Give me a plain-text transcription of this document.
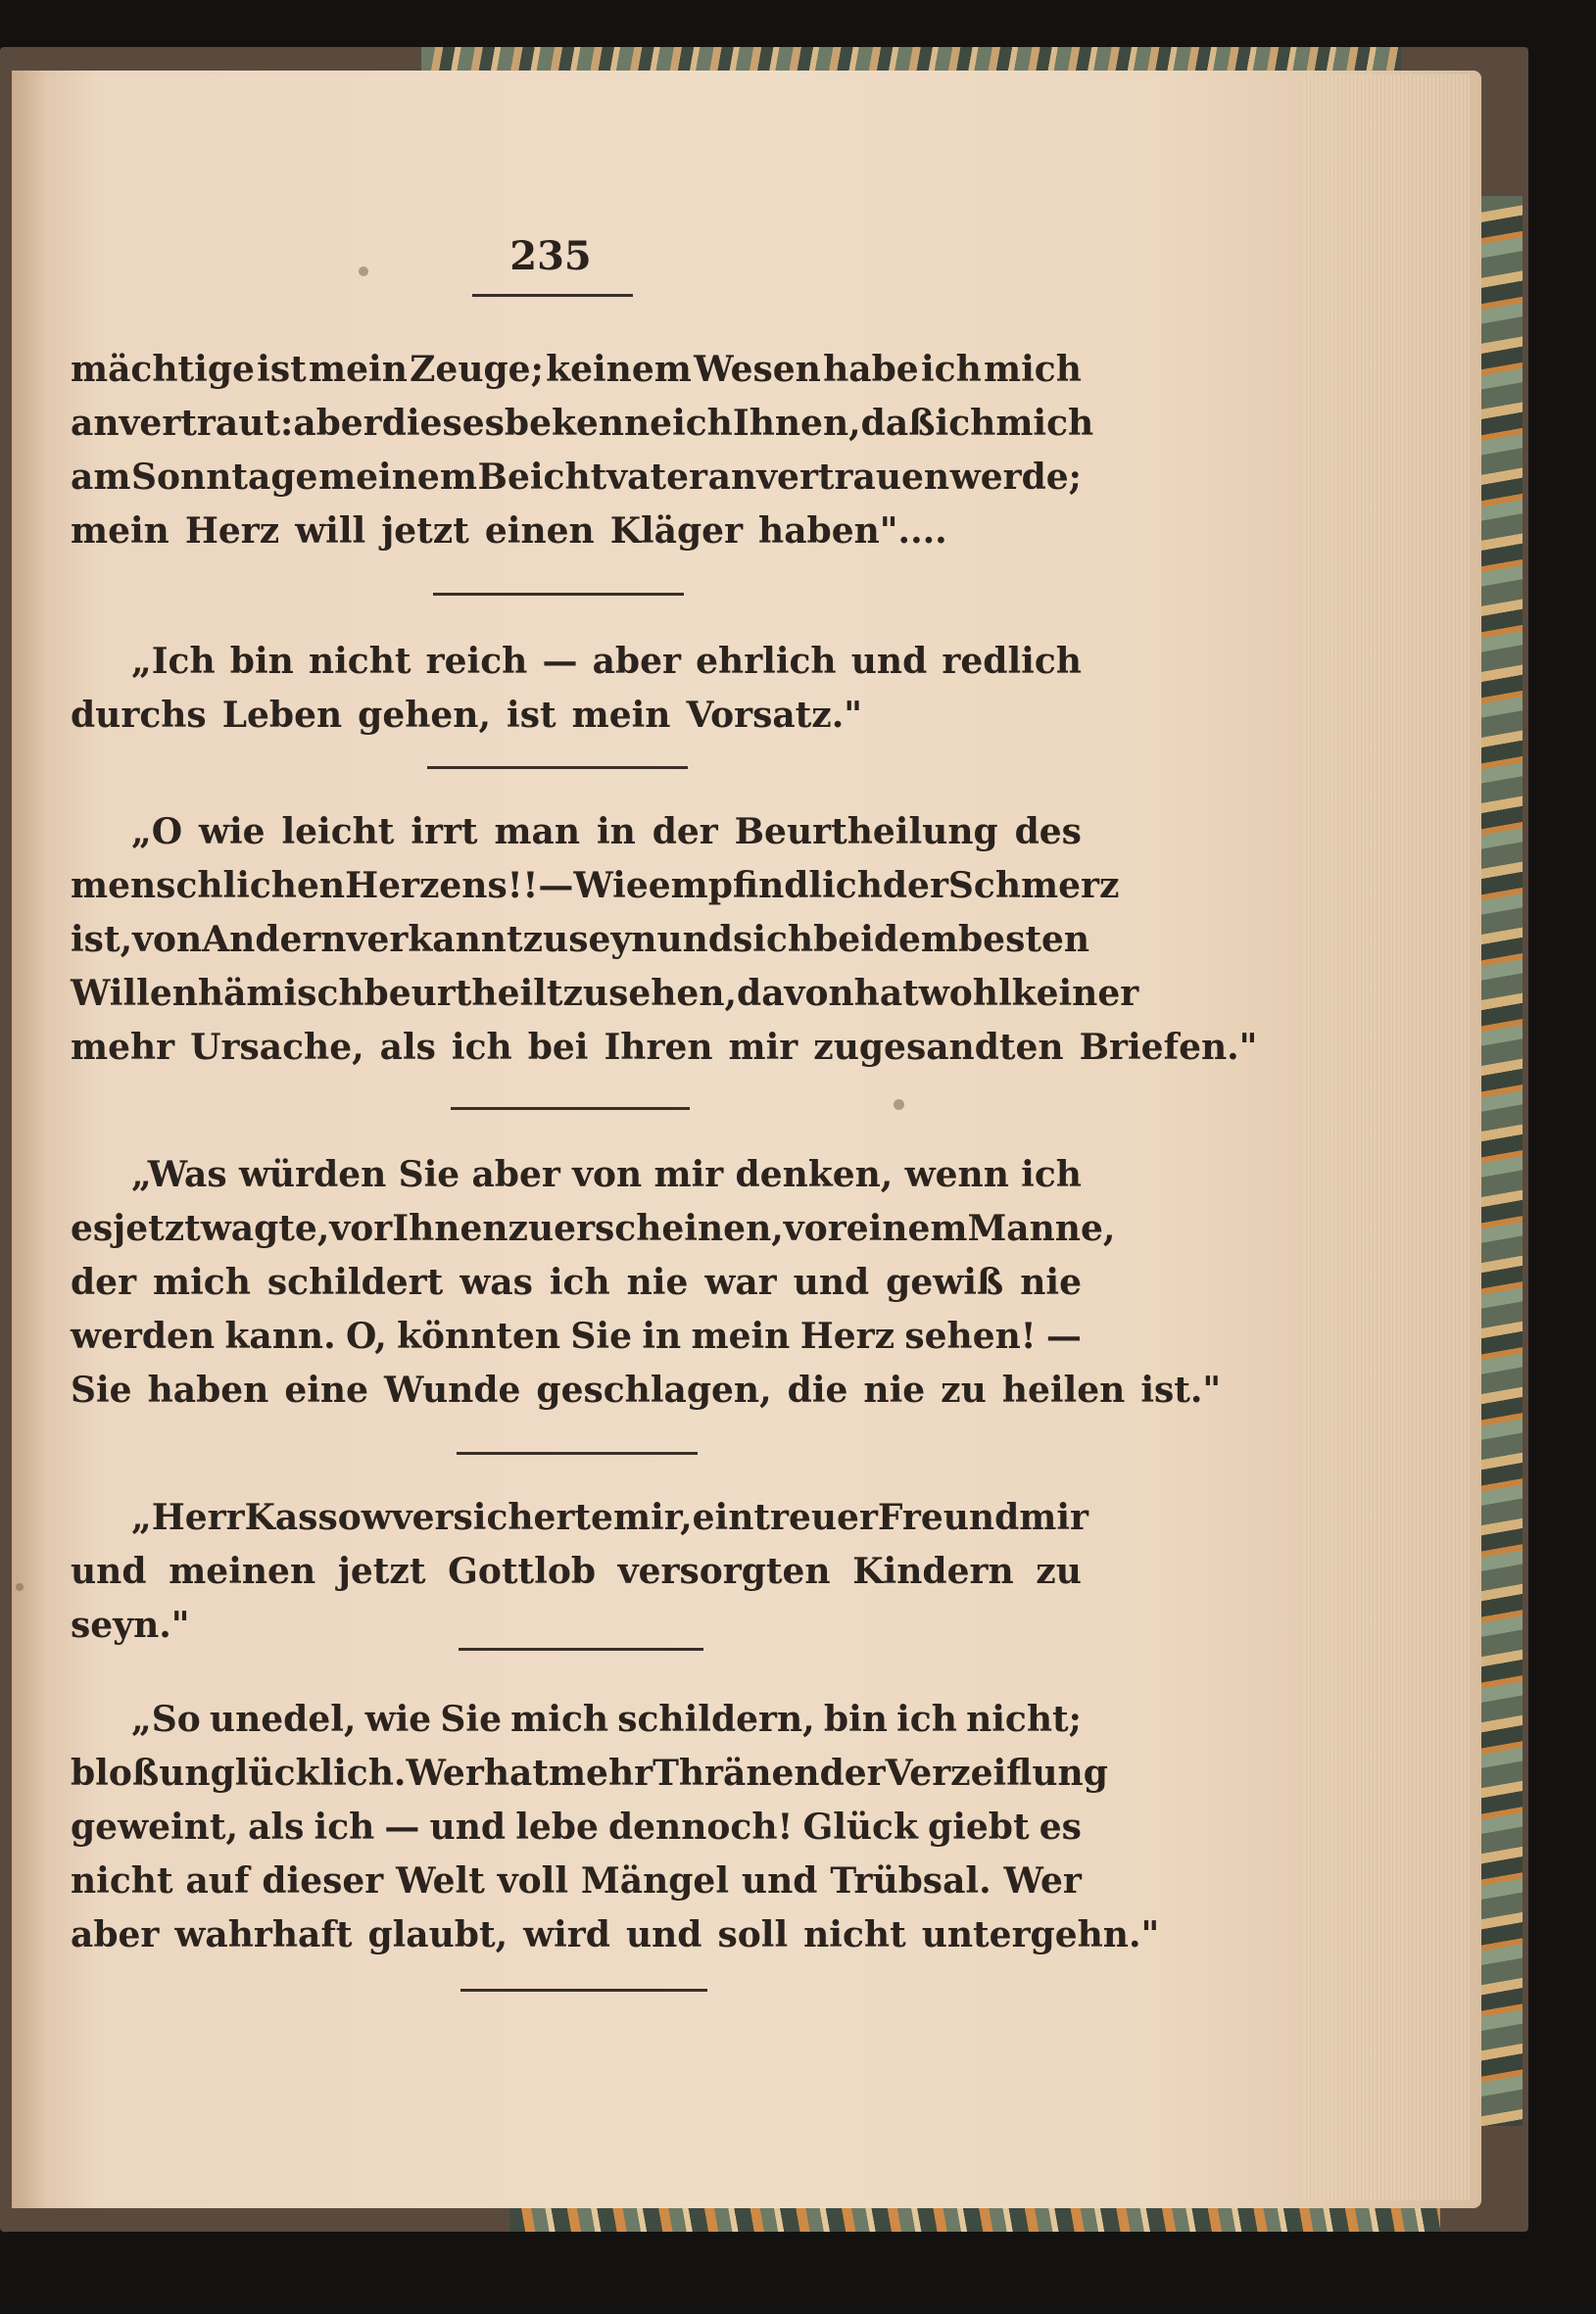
235
mächtige ist mein Zeuge; keinem Wesen habe ich mich
anvertraut: aber dieses bekenne ich Ihnen, daß ich mich
am Sonntage meinem Beichtvater anvertrauen werde;
mein Herz will jetzt einen Kläger haben"....
„Ich bin nicht reich — aber ehrlich und redlich
durchs Leben gehen, ist mein Vorsatz."
„O wie leicht irrt man in der Beurtheilung des
menschlichen Herzens!! — Wie empfindlich der Schmerz
ist, von Andern verkannt zu seyn und sich bei dem besten
Willen hämisch beurtheilt zu sehen, davon hat wohl keiner
mehr Ursache, als ich bei Ihren mir zugesandten Briefen."
„Was würden Sie aber von mir denken, wenn ich
es jetzt wagte, vor Ihnen zu erscheinen, vor einem Manne,
der mich schildert was ich nie war und gewiß nie
werden kann. O, könnten Sie in mein Herz sehen! —
Sie haben eine Wunde geschlagen, die nie zu heilen ist."
„Herr Kassow versicherte mir, ein treuer Freund mir
und meinen jetzt Gottlob versorgten Kindern zu
seyn."
„So unedel, wie Sie mich schildern, bin ich nicht;
bloß unglücklich. Wer hat mehr Thränen der Verzeiflung
geweint, als ich — und lebe dennoch! Glück giebt es
nicht auf dieser Welt voll Mängel und Trübsal. Wer
aber wahrhaft glaubt, wird und soll nicht untergehn."
